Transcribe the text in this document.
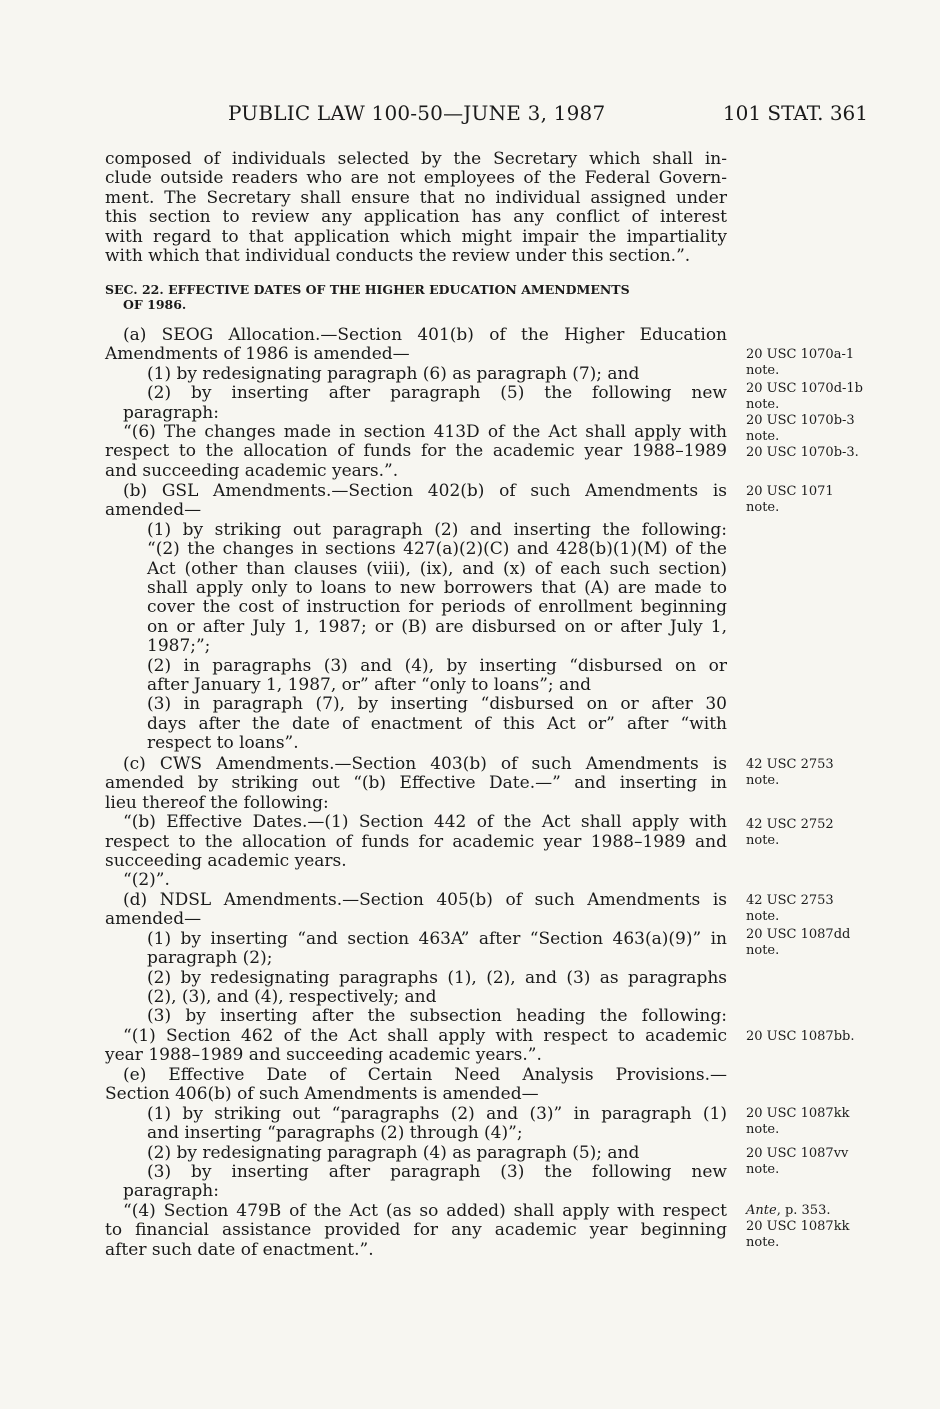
PUBLIC LAW 100-50—JUNE 3, 1987	101 STAT. 361
composed of individuals selected by the Secretary which shall in-
clude outside readers who are not employees of the Federal Govern-
ment. The Secretary shall ensure that no individual assigned under
this section to review any application has any conflict of interest
with regard to that application which might impair the impartiality
with which that individual conducts the review under this section.”.
SEC. 22. EFFECTIVE DATES OF THE HIGHER EDUCATION AMENDMENTS
OF 1986.
(a) SEOG Allocation.—Section 401(b) of the Higher Education
Amendments of 1986 is amended—
(1) by redesignating paragraph (6) as paragraph (7); and
(2) by inserting after paragraph (5) the following new
paragraph:
“(6) The changes made in section 413D of the Act shall apply with
respect to the allocation of funds for the academic year 1988–1989
and succeeding academic years.”.
(b) GSL Amendments.—Section 402(b) of such Amendments is
amended—
(1) by striking out paragraph (2) and inserting the following:
“(2) the changes in sections 427(a)(2)(C) and 428(b)(1)(M) of the
Act (other than clauses (viii), (ix), and (x) of each such section)
shall apply only to loans to new borrowers that (A) are made to
cover the cost of instruction for periods of enrollment beginning
on or after July 1, 1987; or (B) are disbursed on or after July 1,
1987;”;
(2) in paragraphs (3) and (4), by inserting “disbursed on or
after January 1, 1987, or” after “only to loans”; and
(3) in paragraph (7), by inserting “disbursed on or after 30
days after the date of enactment of this Act or” after “with
respect to loans”.
(c) CWS Amendments.—Section 403(b) of such Amendments is
amended by striking out “(b) Effective Date.—” and inserting in
lieu thereof the following:
“(b) Effective Dates.—(1) Section 442 of the Act shall apply with
respect to the allocation of funds for academic year 1988–1989 and
succeeding academic years.
“(2)”.
(d) NDSL Amendments.—Section 405(b) of such Amendments is
amended—
(1) by inserting “and section 463A” after “Section 463(a)(9)” in
paragraph (2);
(2) by redesignating paragraphs (1), (2), and (3) as paragraphs
(2), (3), and (4), respectively; and
(3) by inserting after the subsection heading the following:
“(1) Section 462 of the Act shall apply with respect to academic
year 1988–1989 and succeeding academic years.”.
(e) Effective Date of Certain Need Analysis Provisions.—
Section 406(b) of such Amendments is amended—
(1) by striking out “paragraphs (2) and (3)” in paragraph (1)
and inserting “paragraphs (2) through (4)”;
(2) by redesignating paragraph (4) as paragraph (5); and
(3) by inserting after paragraph (3) the following new
paragraph:
“(4) Section 479B of the Act (as so added) shall apply with respect
to financial assistance provided for any academic year beginning
after such date of enactment.”.
20 USC 1070a-1
note.
20 USC 1070d-1b
note.
20 USC 1070b-3
note.
20 USC 1070b-3.
20 USC 1071
note.
42 USC 2753
note.
42 USC 2752
note.
42 USC 2753
note.
20 USC 1087dd
note.
20 USC 1087bb.
20 USC 1087kk
note.
20 USC 1087vv
note.
Ante, p. 353.
20 USC 1087kk
note.
